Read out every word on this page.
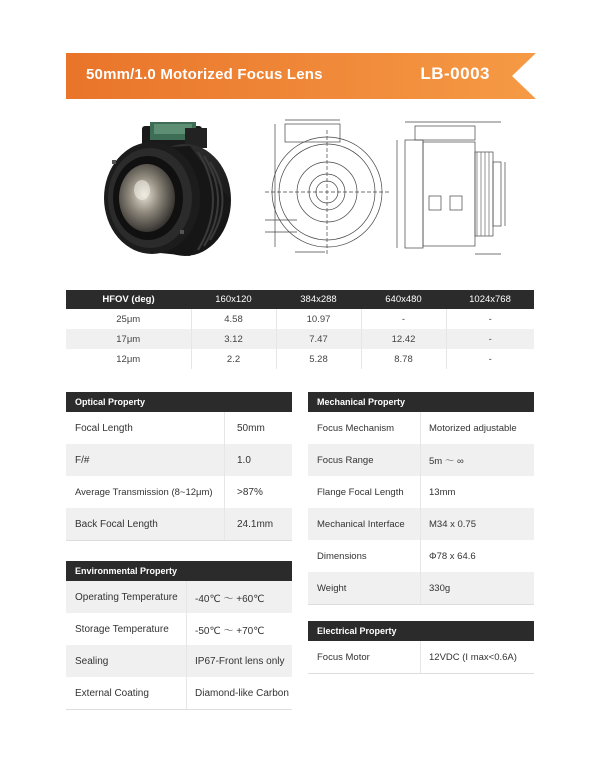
50mm/1.0 Motorized Focus Lens	LB-0003
HFOV (deg)	160x120	384x288	640x480	1024x768
25μm	4.58	10.97	-	-
17μm	3.12	7.47	12.42	-
12μm	2.2	5.28	8.78	-
Optical Property
Focal Length	50mm
F/#	1.0
Average Transmission (8~12μm)	>87%
Back Focal Length	24.1mm
Environmental Property
Operating Temperature	-40℃ ～ +60℃
Storage Temperature	-50℃ ～ +70℃
Sealing	IP67-Front lens only
External Coating	Diamond-like Carbon
Mechanical Property
Focus Mechanism	Motorized adjustable
Focus Range	5m ～ ∞
Flange Focal Length	13mm
Mechanical Interface	M34 x 0.75
Dimensions	Φ78 x 64.6
Weight	330g
Electrical Property
Focus Motor	12VDC (I max<0.6A)
